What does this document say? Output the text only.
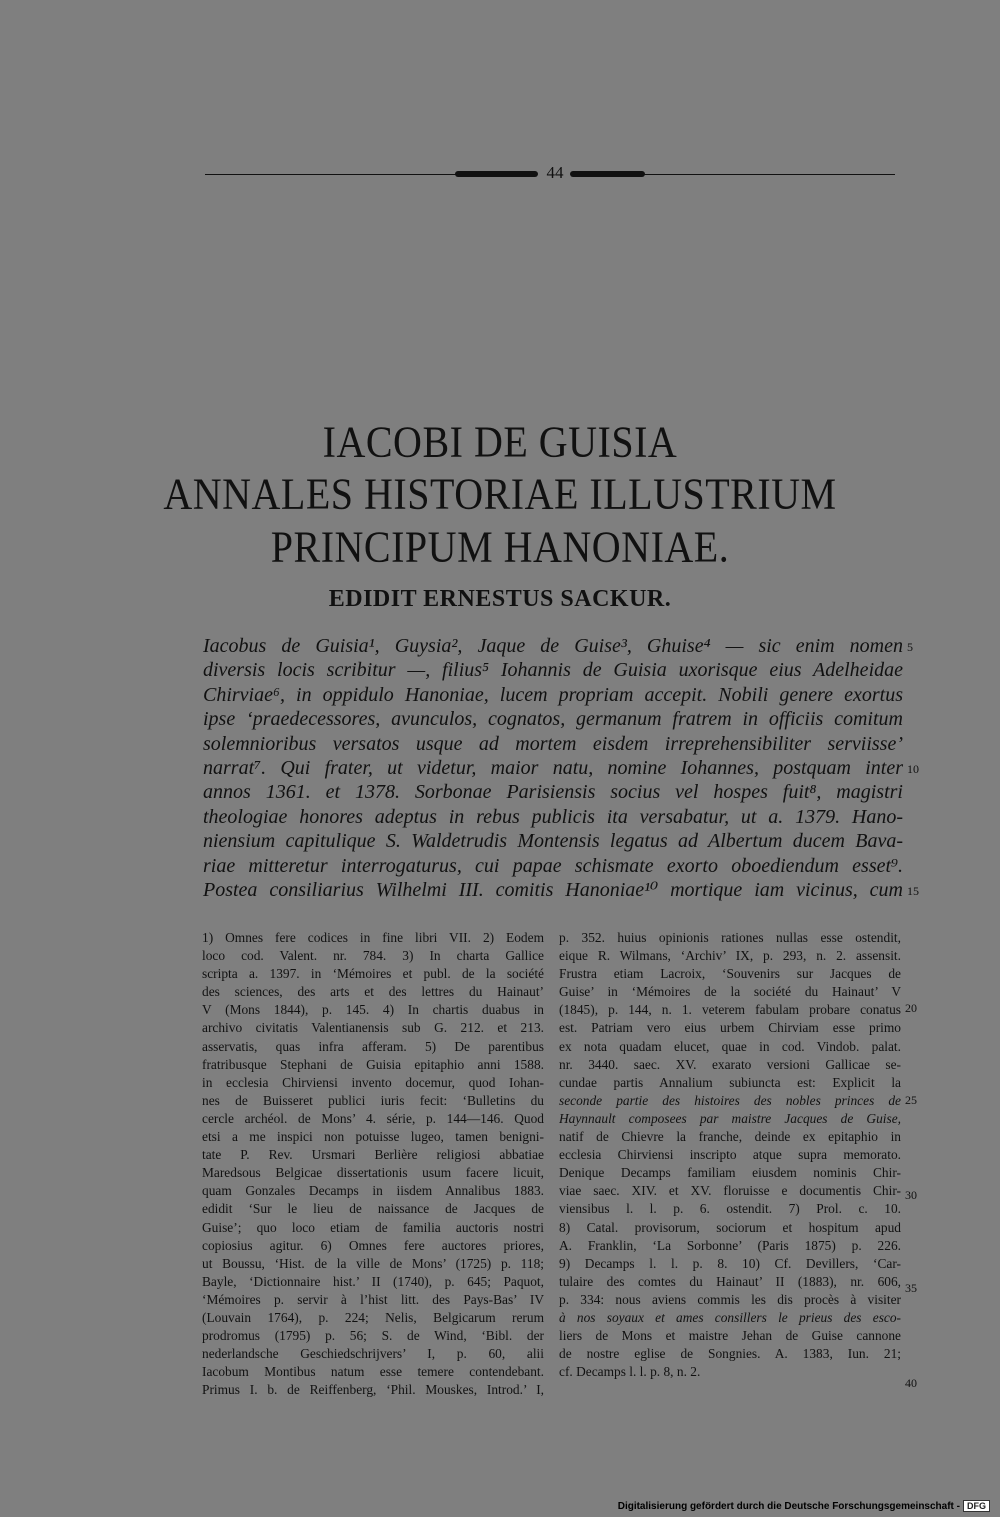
44
IACOBI DE GUISIA
ANNALES HISTORIAE ILLUSTRIUM
PRINCIPUM HANONIAE.
EDIDIT ERNESTUS SACKUR.
Iacobus de Guisia¹, Guysia², Jaque de Guise³, Ghuise⁴ — sic enim nomen
diversis locis scribitur —, filius⁵ Iohannis de Guisia uxorisque eius Adelheidae
Chirviae⁶, in oppidulo Hanoniae, lucem propriam accepit. Nobili genere exortus
ipse ‘praedecessores, avunculos, cognatos, germanum fratrem in officiis comitum
solemnioribus versatos usque ad mortem eisdem irreprehensibiliter serviisse’
narrat⁷. Qui frater, ut videtur, maior natu, nomine Iohannes, postquam inter
annos 1361. et 1378. Sorbonae Parisiensis socius vel hospes fuit⁸, magistri
theologiae honores adeptus in rebus publicis ita versabatur, ut a. 1379. Hano-
niensium capitulique S. Waldetrudis Montensis legatus ad Albertum ducem Bava-
riae mitteretur interrogaturus, cui papae schismate exorto oboediendum esset⁹.
Postea consiliarius Wilhelmi III. comitis Hanoniae¹⁰ mortique iam vicinus, cum
5
10
15
1) Omnes fere codices in fine libri VII. 2) Eodem
loco cod. Valent. nr. 784. 3) In charta Gallice
scripta a. 1397. in ‘Mémoires et publ. de la société
des sciences, des arts et des lettres du Hainaut’
V (Mons 1844), p. 145. 4) In chartis duabus in
archivo civitatis Valentianensis sub G. 212. et 213.
asservatis, quas infra afferam. 5) De parentibus
fratribusque Stephani de Guisia epitaphio anni 1588.
in ecclesia Chirviensi invento docemur, quod Iohan-
nes de Buisseret publici iuris fecit: ‘Bulletins du
cercle archéol. de Mons’ 4. série, p. 144—146. Quod
etsi a me inspici non potuisse lugeo, tamen benigni-
tate P. Rev. Ursmari Berlière religiosi abbatiae
Maredsous Belgicae dissertationis usum facere licuit,
quam Gonzales Decamps in iisdem Annalibus 1883.
edidit ‘Sur le lieu de naissance de Jacques de
Guise’; quo loco etiam de familia auctoris nostri
copiosius agitur. 6) Omnes fere auctores priores,
ut Boussu, ‘Hist. de la ville de Mons’ (1725) p. 118;
Bayle, ‘Dictionnaire hist.’ II (1740), p. 645; Paquot,
‘Mémoires p. servir à l’hist litt. des Pays-Bas’ IV
(Louvain 1764), p. 224; Nelis, Belgicarum rerum
prodromus (1795) p. 56; S. de Wind, ‘Bibl. der
nederlandsche Geschiedschrijvers’ I, p. 60, alii
Iacobum Montibus natum esse temere contendebant.
Primus I. b. de Reiffenberg, ‘Phil. Mouskes, Introd.’ I,
p. 352. huius opinionis rationes nullas esse ostendit,
eique R. Wilmans, ‘Archiv’ IX, p. 293, n. 2. assensit.
Frustra etiam Lacroix, ‘Souvenirs sur Jacques de
Guise’ in ‘Mémoires de la société du Hainaut’ V
(1845), p. 144, n. 1. veterem fabulam probare conatus
est. Patriam vero eius urbem Chirviam esse primo
ex nota quadam elucet, quae in cod. Vindob. palat.
nr. 3440. saec. XV. exarato versioni Gallicae se-
cundae partis Annalium subiuncta est: Explicit la
seconde partie des histoires des nobles princes de
Haynnault composees par maistre Jacques de Guise,
natif de Chievre la franche, deinde ex epitaphio in
ecclesia Chirviensi inscripto atque supra memorato.
Denique Decamps familiam eiusdem nominis Chir-
viae saec. XIV. et XV. floruisse e documentis Chir-
viensibus l. l. p. 6. ostendit. 7) Prol. c. 10.
8) Catal. provisorum, sociorum et hospitum apud
A. Franklin, ‘La Sorbonne’ (Paris 1875) p. 226.
9) Decamps l. l. p. 8. 10) Cf. Devillers, ‘Car-
tulaire des comtes du Hainaut’ II (1883), nr. 606,
p. 334: nous aviens commis les dis procès à visiter
à nos soyaux et ames consillers le prieus des esco-
liers de Mons et maistre Jehan de Guise cannone
de nostre eglise de Songnies. A. 1383, Iun. 21;
cf. Decamps l. l. p. 8, n. 2.
20
25
30
35
40
Digitalisierung gefördert durch die Deutsche Forschungsgemeinschaft - DFG
